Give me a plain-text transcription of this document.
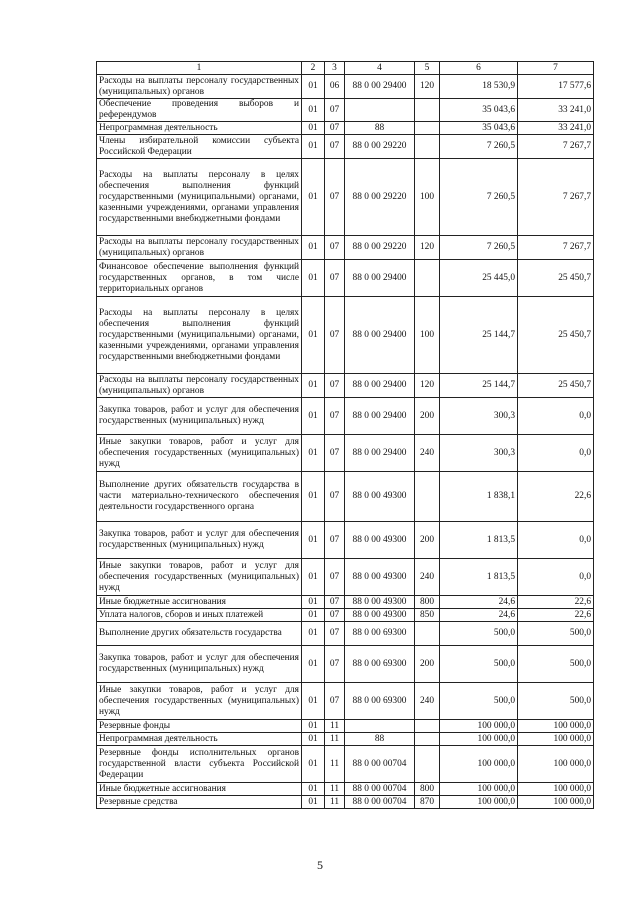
1	2	3	4	5	6	7
Расходы на выплаты персоналу государственных (муниципальных) органов	01	06	88 0 00 29400	120	18 530,9	17 577,6
Обеспечение проведения выборов и референдумов	01	07			35 043,6	33 241,0
Непрограммная деятельность	01	07	88		35 043,6	33 241,0
Члены избирательной комиссии субъекта Российской Федерации	01	07	88 0 00 29220		7 260,5	7 267,7
Расходы на выплаты персоналу в целях обеспечения выполнения функций государственными (муниципальными) органами, казенными учреждениями, органами управления государственными внебюджетными фондами	01	07	88 0 00 29220	100	7 260,5	7 267,7
Расходы на выплаты персоналу государственных (муниципальных) органов	01	07	88 0 00 29220	120	7 260,5	7 267,7
Финансовое обеспечение выполнения функций государственных органов, в том числе территориальных органов	01	07	88 0 00 29400		25 445,0	25 450,7
Расходы на выплаты персоналу в целях обеспечения выполнения функций государственными (муниципальными) органами, казенными учреждениями, органами управления государственными внебюджетными фондами	01	07	88 0 00 29400	100	25 144,7	25 450,7
Расходы на выплаты персоналу государственных (муниципальных) органов	01	07	88 0 00 29400	120	25 144,7	25 450,7
Закупка товаров, работ и услуг для обеспечения государственных (муниципальных) нужд	01	07	88 0 00 29400	200	300,3	0,0
Иные закупки товаров, работ и услуг для обеспечения государственных (муниципальных) нужд	01	07	88 0 00 29400	240	300,3	0,0
Выполнение других обязательств государства в части материально-технического обеспечения деятельности государственного органа	01	07	88 0 00 49300		1 838,1	22,6
Закупка товаров, работ и услуг для обеспечения государственных (муниципальных) нужд	01	07	88 0 00 49300	200	1 813,5	0,0
Иные закупки товаров, работ и услуг для обеспечения государственных (муниципальных) нужд	01	07	88 0 00 49300	240	1 813,5	0,0
Иные бюджетные ассигнования	01	07	88 0 00 49300	800	24,6	22,6
Уплата налогов, сборов и иных платежей	01	07	88 0 00 49300	850	24,6	22,6
Выполнение других обязательств государства	01	07	88 0 00 69300		500,0	500,0
Закупка товаров, работ и услуг для обеспечения государственных (муниципальных) нужд	01	07	88 0 00 69300	200	500,0	500,0
Иные закупки товаров, работ и услуг для обеспечения государственных (муниципальных) нужд	01	07	88 0 00 69300	240	500,0	500,0
Резервные фонды	01	11			100 000,0	100 000,0
Непрограммная деятельность	01	11	88		100 000,0	100 000,0
Резервные фонды исполнительных органов государственной власти субъекта Российской Федерации	01	11	88 0 00 00704		100 000,0	100 000,0
Иные бюджетные ассигнования	01	11	88 0 00 00704	800	100 000,0	100 000,0
Резервные средства	01	11	88 0 00 00704	870	100 000,0	100 000,0
5
